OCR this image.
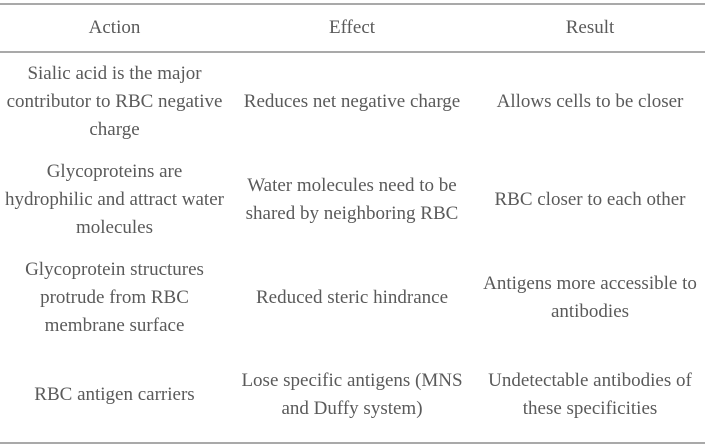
Action	Effect	Result
Sialic acid is the major contributor to RBC negative charge	Reduces net negative charge	Allows cells to be closer
Glycoproteins are hydrophilic and attract water molecules	Water molecules need to be shared by neighboring RBC	RBC closer to each other
Glycoprotein structures protrude from RBC membrane surface	Reduced steric hindrance	Antigens more accessible to antibodies
RBC antigen carriers	Lose specific antigens (MNS and Duffy system)	Undetectable antibodies of these specificities
